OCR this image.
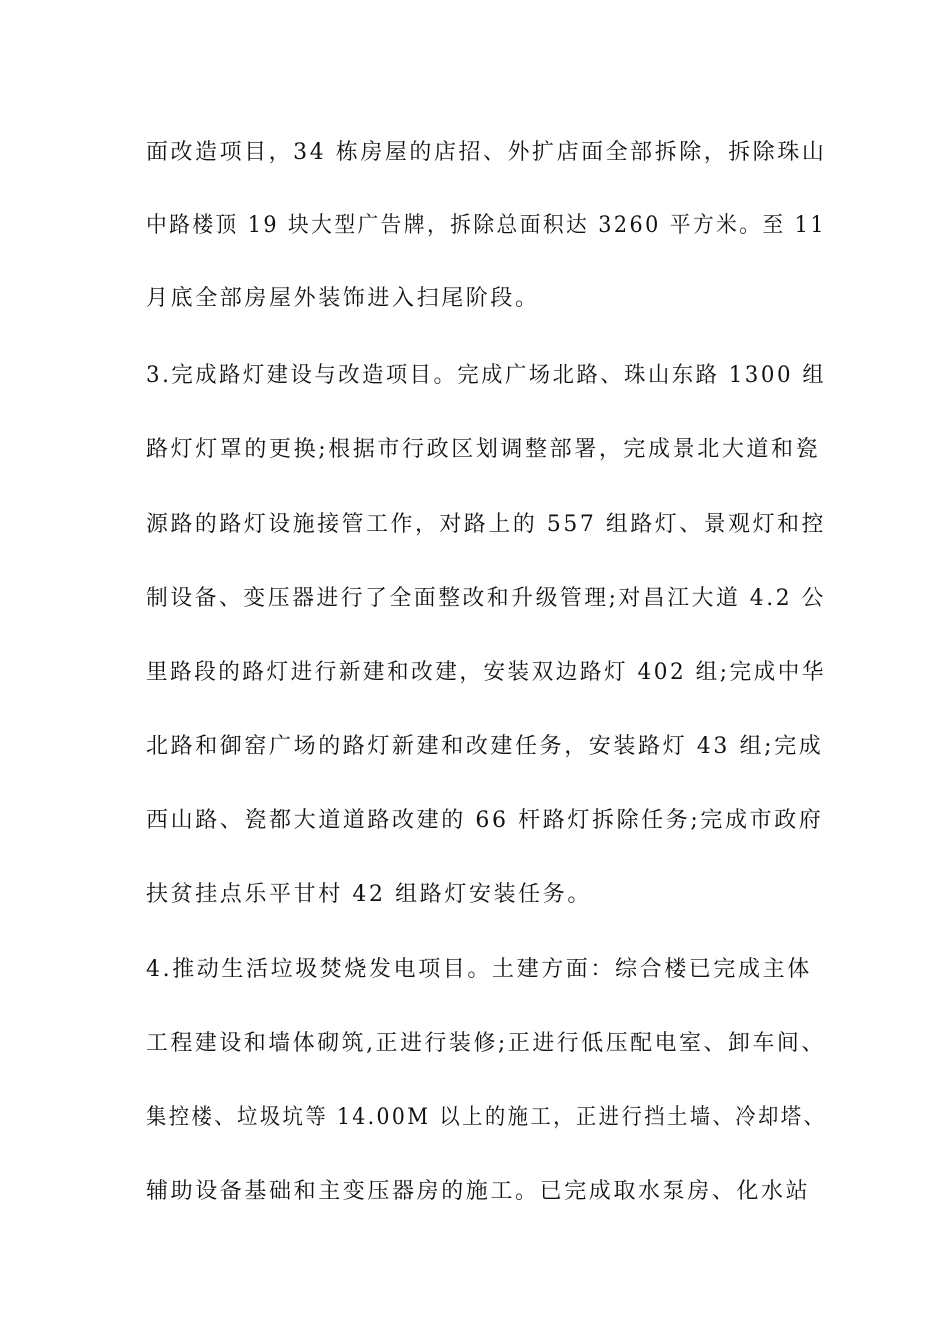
面改造项目，34 栋房屋的店招、外扩店面全部拆除，拆除珠山
中路楼顶 19 块大型广告牌，拆除总面积达 3260 平方米。至 11
月底全部房屋外装饰进入扫尾阶段。
3.完成路灯建设与改造项目。完成广场北路、珠山东路 1300 组
路灯灯罩的更换;根据市行政区划调整部署，完成景北大道和瓷
源路的路灯设施接管工作，对路上的 557 组路灯、景观灯和控
制设备、变压器进行了全面整改和升级管理;对昌江大道 4.2 公
里路段的路灯进行新建和改建，安装双边路灯 402 组;完成中华
北路和御窑广场的路灯新建和改建任务，安装路灯 43 组;完成
西山路、瓷都大道道路改建的 66 杆路灯拆除任务;完成市政府
扶贫挂点乐平甘村 42 组路灯安装任务。
4.推动生活垃圾焚烧发电项目。土建方面：综合楼已完成主体
工程建设和墙体砌筑,正进行装修;正进行低压配电室、卸车间、
集控楼、垃圾坑等 14.00M 以上的施工，正进行挡土墙、冷却塔、
辅助设备基础和主变压器房的施工。已完成取水泵房、化水站
